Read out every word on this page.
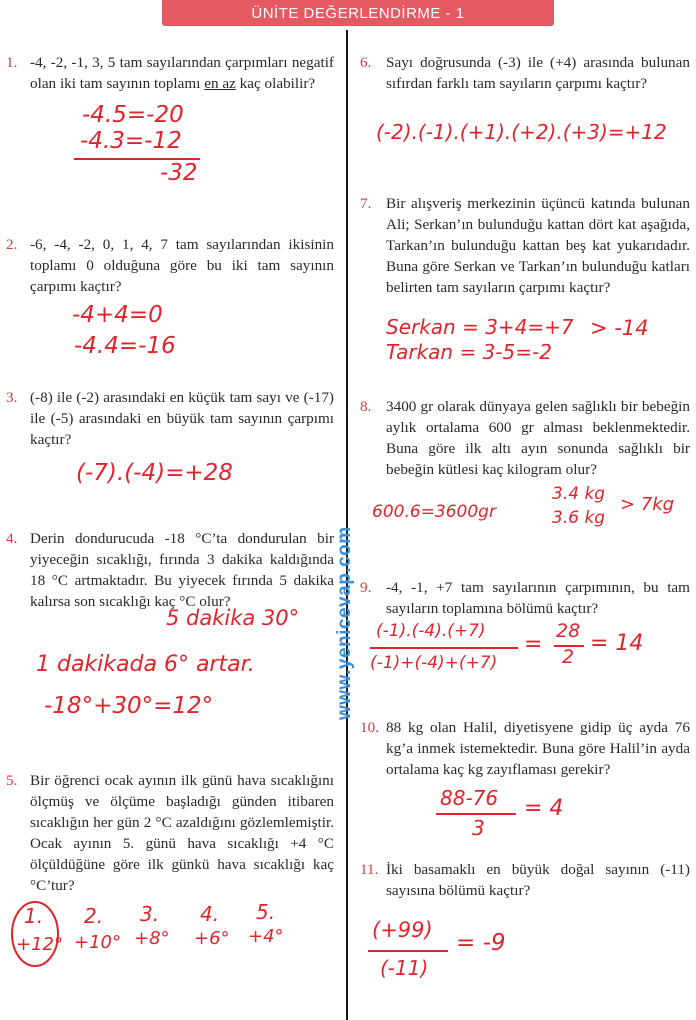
ÜNİTE DEĞERLENDİRME - 1
www.yenicevap.com
1. -4, -2, -1, 3, 5 tam sayılarından çarpımları negatif olan iki tam sayının toplamı en az kaç olabilir?
2. -6, -4, -2, 0, 1, 4, 7 tam sayılarından ikisinin toplamı 0 olduğuna göre bu iki tam sayının çarpımı kaçtır?
3. (-8) ile (-2) arasındaki en küçük tam sayı ve (-17) ile (-5) arasındaki en büyük tam sayının çarpımı kaçtır?
4. Derin dondurucuda -18 °C’ta dondurulan bir yiyeceğin sıcaklığı, fırında 3 dakika kaldığında 18 °C artmaktadır. Bu yiyecek fırında 5 dakika kalırsa son sıcaklığı kaç °C olur?
5. Bir öğrenci ocak ayının ilk günü hava sıcaklığını ölçmüş ve ölçüme başladığı günden itibaren sıcaklığın her gün 2 °C azaldığını gözlemlemiştir. Ocak ayının 5. günü hava sıcaklığı +4 °C ölçüldüğüne göre ilk günkü hava sıcaklığı kaç °C’tur?
6. Sayı doğrusunda (-3) ile (+4) arasında bulunan sıfırdan farklı tam sayıların çarpımı kaçtır?
7. Bir alışveriş merkezinin üçüncü katında bulunan Ali; Serkan’ın bulunduğu kattan dört kat aşağıda, Tarkan’ın bulunduğu kattan beş kat yukarıdadır. Buna göre Serkan ve Tarkan’ın bulunduğu katları belirten tam sayıların çarpımı kaçtır?
8. 3400 gr olarak dünyaya gelen sağlıklı bir bebeğin aylık ortalama 600 gr alması beklenmektedir. Buna göre ilk altı ayın sonunda sağlıklı bir bebeğin kütlesi kaç kilogram olur?
9. -4, -1, +7 tam sayılarının çarpımının, bu tam sayıların toplamına bölümü kaçtır?
10. 88 kg olan Halil, diyetisyene gidip üç ayda 76 kg’a inmek istemektedir. Buna göre Halil’in ayda ortalama kaç kg zayıflaması gerekir?
11. İki basamaklı en büyük doğal sayının (-11) sayısına bölümü kaçtır?
-4.5=-20
-4.3=-12
-32
-4+4=0
-4.4=-16
(-7).(-4)=+28
5 dakika 30°
1 dakikada 6° artar.
-18°+30°=12°
1.
+12°
2.
+10°
3.
+8°
4.
+6°
5.
+4°
(-2).(-1).(+1).(+2).(+3)=+12
Serkan = 3+4=+7
Tarkan = 3-5=-2
> -14
600.6=3600gr
3.4 kg
3.6 kg
> 7kg
(-1).(-4).(+7)
(-1)+(-4)+(+7)
=
28
2
= 14
88-76
3
= 4
(+99)
(-11)
= -9
